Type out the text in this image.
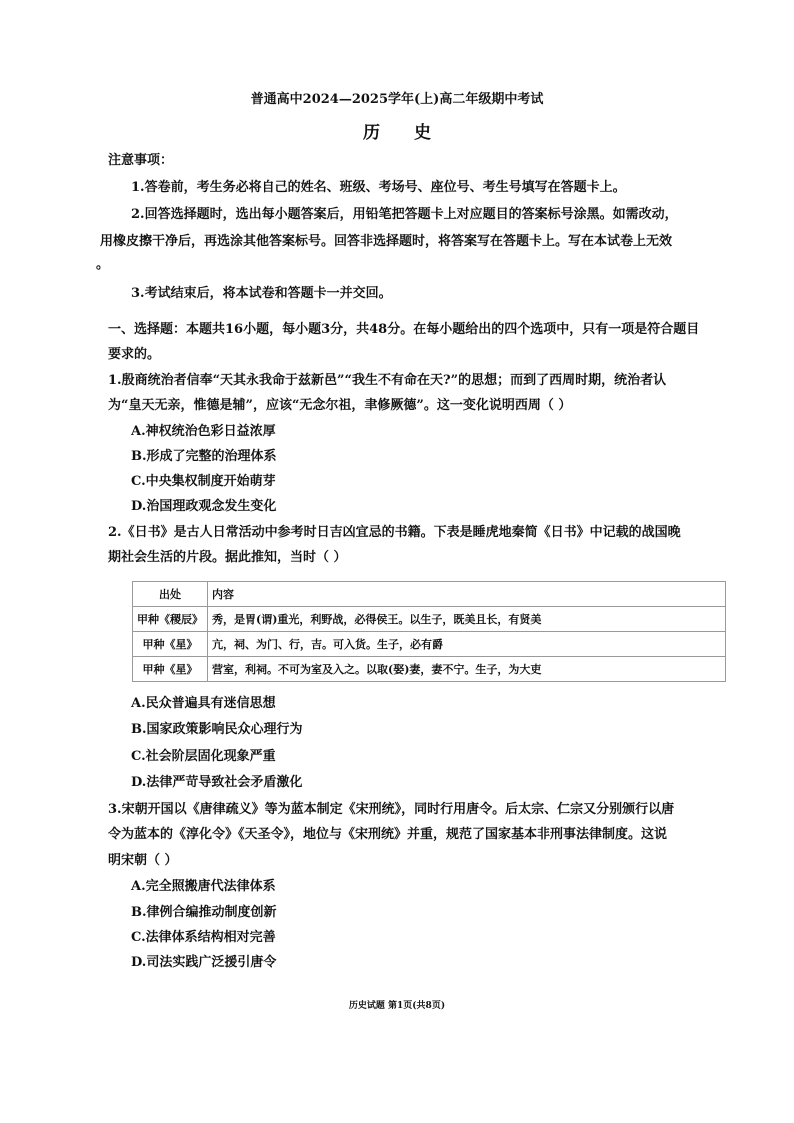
普通高中2024—2025学年(上)高二年级期中考试
历史
注意事项：
1.答卷前，考生务必将自己的姓名、班级、考场号、座位号、考生号填写在答题卡上。
2.回答选择题时，选出每小题答案后，用铅笔把答题卡上对应题目的答案标号涂黑。如需改动，
用橡皮擦干净后，再选涂其他答案标号。回答非选择题时，将答案写在答题卡上。写在本试卷上无效
。
3.考试结束后，将本试卷和答题卡一并交回。
一、选择题：本题共16小题，每小题3分，共48分。在每小题给出的四个选项中，只有一项是符合题目
要求的。
1.殷商统治者信奉“天其永我命于兹新邑”“我生不有命在天?”的思想；而到了西周时期，统治者认
为“皇天无亲，惟德是辅”，应该“无念尔祖，聿修厥德”。这一变化说明西周（ ）
A.神权统治色彩日益浓厚
B.形成了完整的治理体系
C.中央集权制度开始萌芽
D.治国理政观念发生变化
2.《日书》是古人日常活动中参考时日吉凶宜忌的书籍。下表是睡虎地秦简《日书》中记载的战国晚
期社会生活的片段。据此推知，当时（ ）
出处	内容
甲种《稷辰》	秀，是胃(谓)重光，利野战，必得侯王。以生子，既美且长，有贤美
甲种《星》	亢，祠、为门、行，吉。可入货。生子，必有爵
甲种《星》	营室，利祠。不可为室及入之。以取(娶)妻，妻不宁。生子，为大吏
A.民众普遍具有迷信思想
B.国家政策影响民众心理行为
C.社会阶层固化现象严重
D.法律严苛导致社会矛盾激化
3.宋朝开国以《唐律疏义》等为蓝本制定《宋刑统》，同时行用唐令。后太宗、仁宗又分别颁行以唐
令为蓝本的《淳化令》《天圣令》，地位与《宋刑统》并重，规范了国家基本非刑事法律制度。这说
明宋朝（ ）
A.完全照搬唐代法律体系
B.律例合编推动制度创新
C.法律体系结构相对完善
D.司法实践广泛援引唐令
历史试题 第1页(共8页)
